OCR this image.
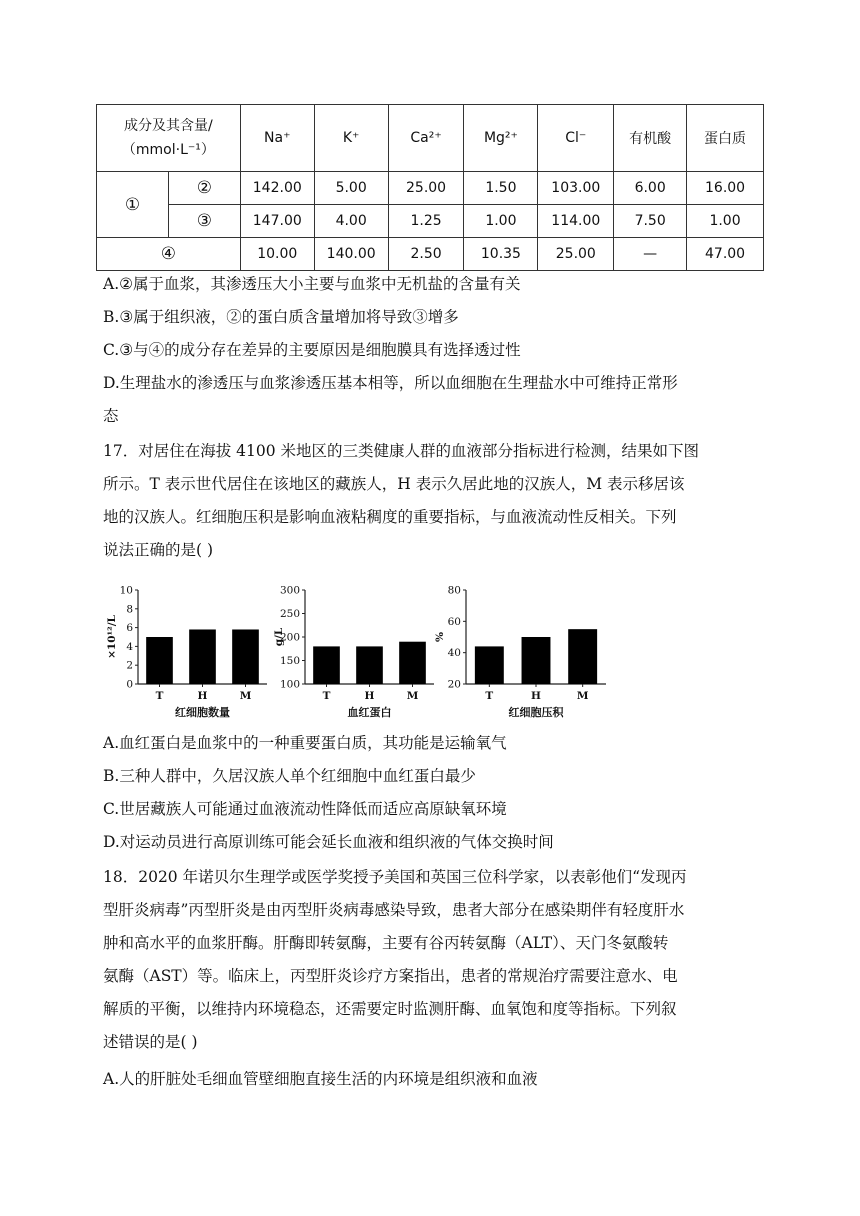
成分及其含量/
（mmol·L⁻¹）		Na⁺	K⁺	Ca²⁺	Mg²⁺	Cl⁻	有机酸	蛋白质
①	②	142.00	5.00	25.00	1.50	103.00	6.00	16.00
	③	147.00	4.00	1.25	1.00	114.00	7.50	1.00
④		10.00	140.00	2.50	10.35	25.00	—	47.00
A.②属于血浆，其渗透压大小主要与血浆中无机盐的含量有关
B.③属于组织液，②的蛋白质含量增加将导致③增多
C.③与④的成分存在差异的主要原因是细胞膜具有选择透过性
D.生理盐水的渗透压与血浆渗透压基本相等，所以血细胞在生理盐水中可维持正常形
态
17．对居住在海拔 4100 米地区的三类健康人群的血液部分指标进行检测，结果如下图
所示。T 表示世代居住在该地区的藏族人，H 表示久居此地的汉族人，M 表示移居该
地的汉族人。红细胞压积是影响血液粘稠度的重要指标，与血液流动性反相关。下列
说法正确的是( )
0
2
4
6
8
10
×10¹²/L
T	H	M
红细胞数量
100
150
200
250
300
g/L
T	H	M
血红蛋白
20
40
60
80
%
T	H	M
红细胞压积
A.血红蛋白是血浆中的一种重要蛋白质，其功能是运输氧气
B.三种人群中，久居汉族人单个红细胞中血红蛋白最少
C.世居藏族人可能通过血液流动性降低而适应高原缺氧环境
D.对运动员进行高原训练可能会延长血液和组织液的气体交换时间
18．2020 年诺贝尔生理学或医学奖授予美国和英国三位科学家，以表彰他们“发现丙
型肝炎病毒”丙型肝炎是由丙型肝炎病毒感染导致，患者大部分在感染期伴有轻度肝水
肿和高水平的血浆肝酶。肝酶即转氨酶，主要有谷丙转氨酶（ALT）、天门冬氨酸转
氨酶（AST）等。临床上，丙型肝炎诊疗方案指出，患者的常规治疗需要注意水、电
解质的平衡，以维持内环境稳态，还需要定时监测肝酶、血氧饱和度等指标。下列叙
述错误的是( )
A.人的肝脏处毛细血管壁细胞直接生活的内环境是组织液和血液
